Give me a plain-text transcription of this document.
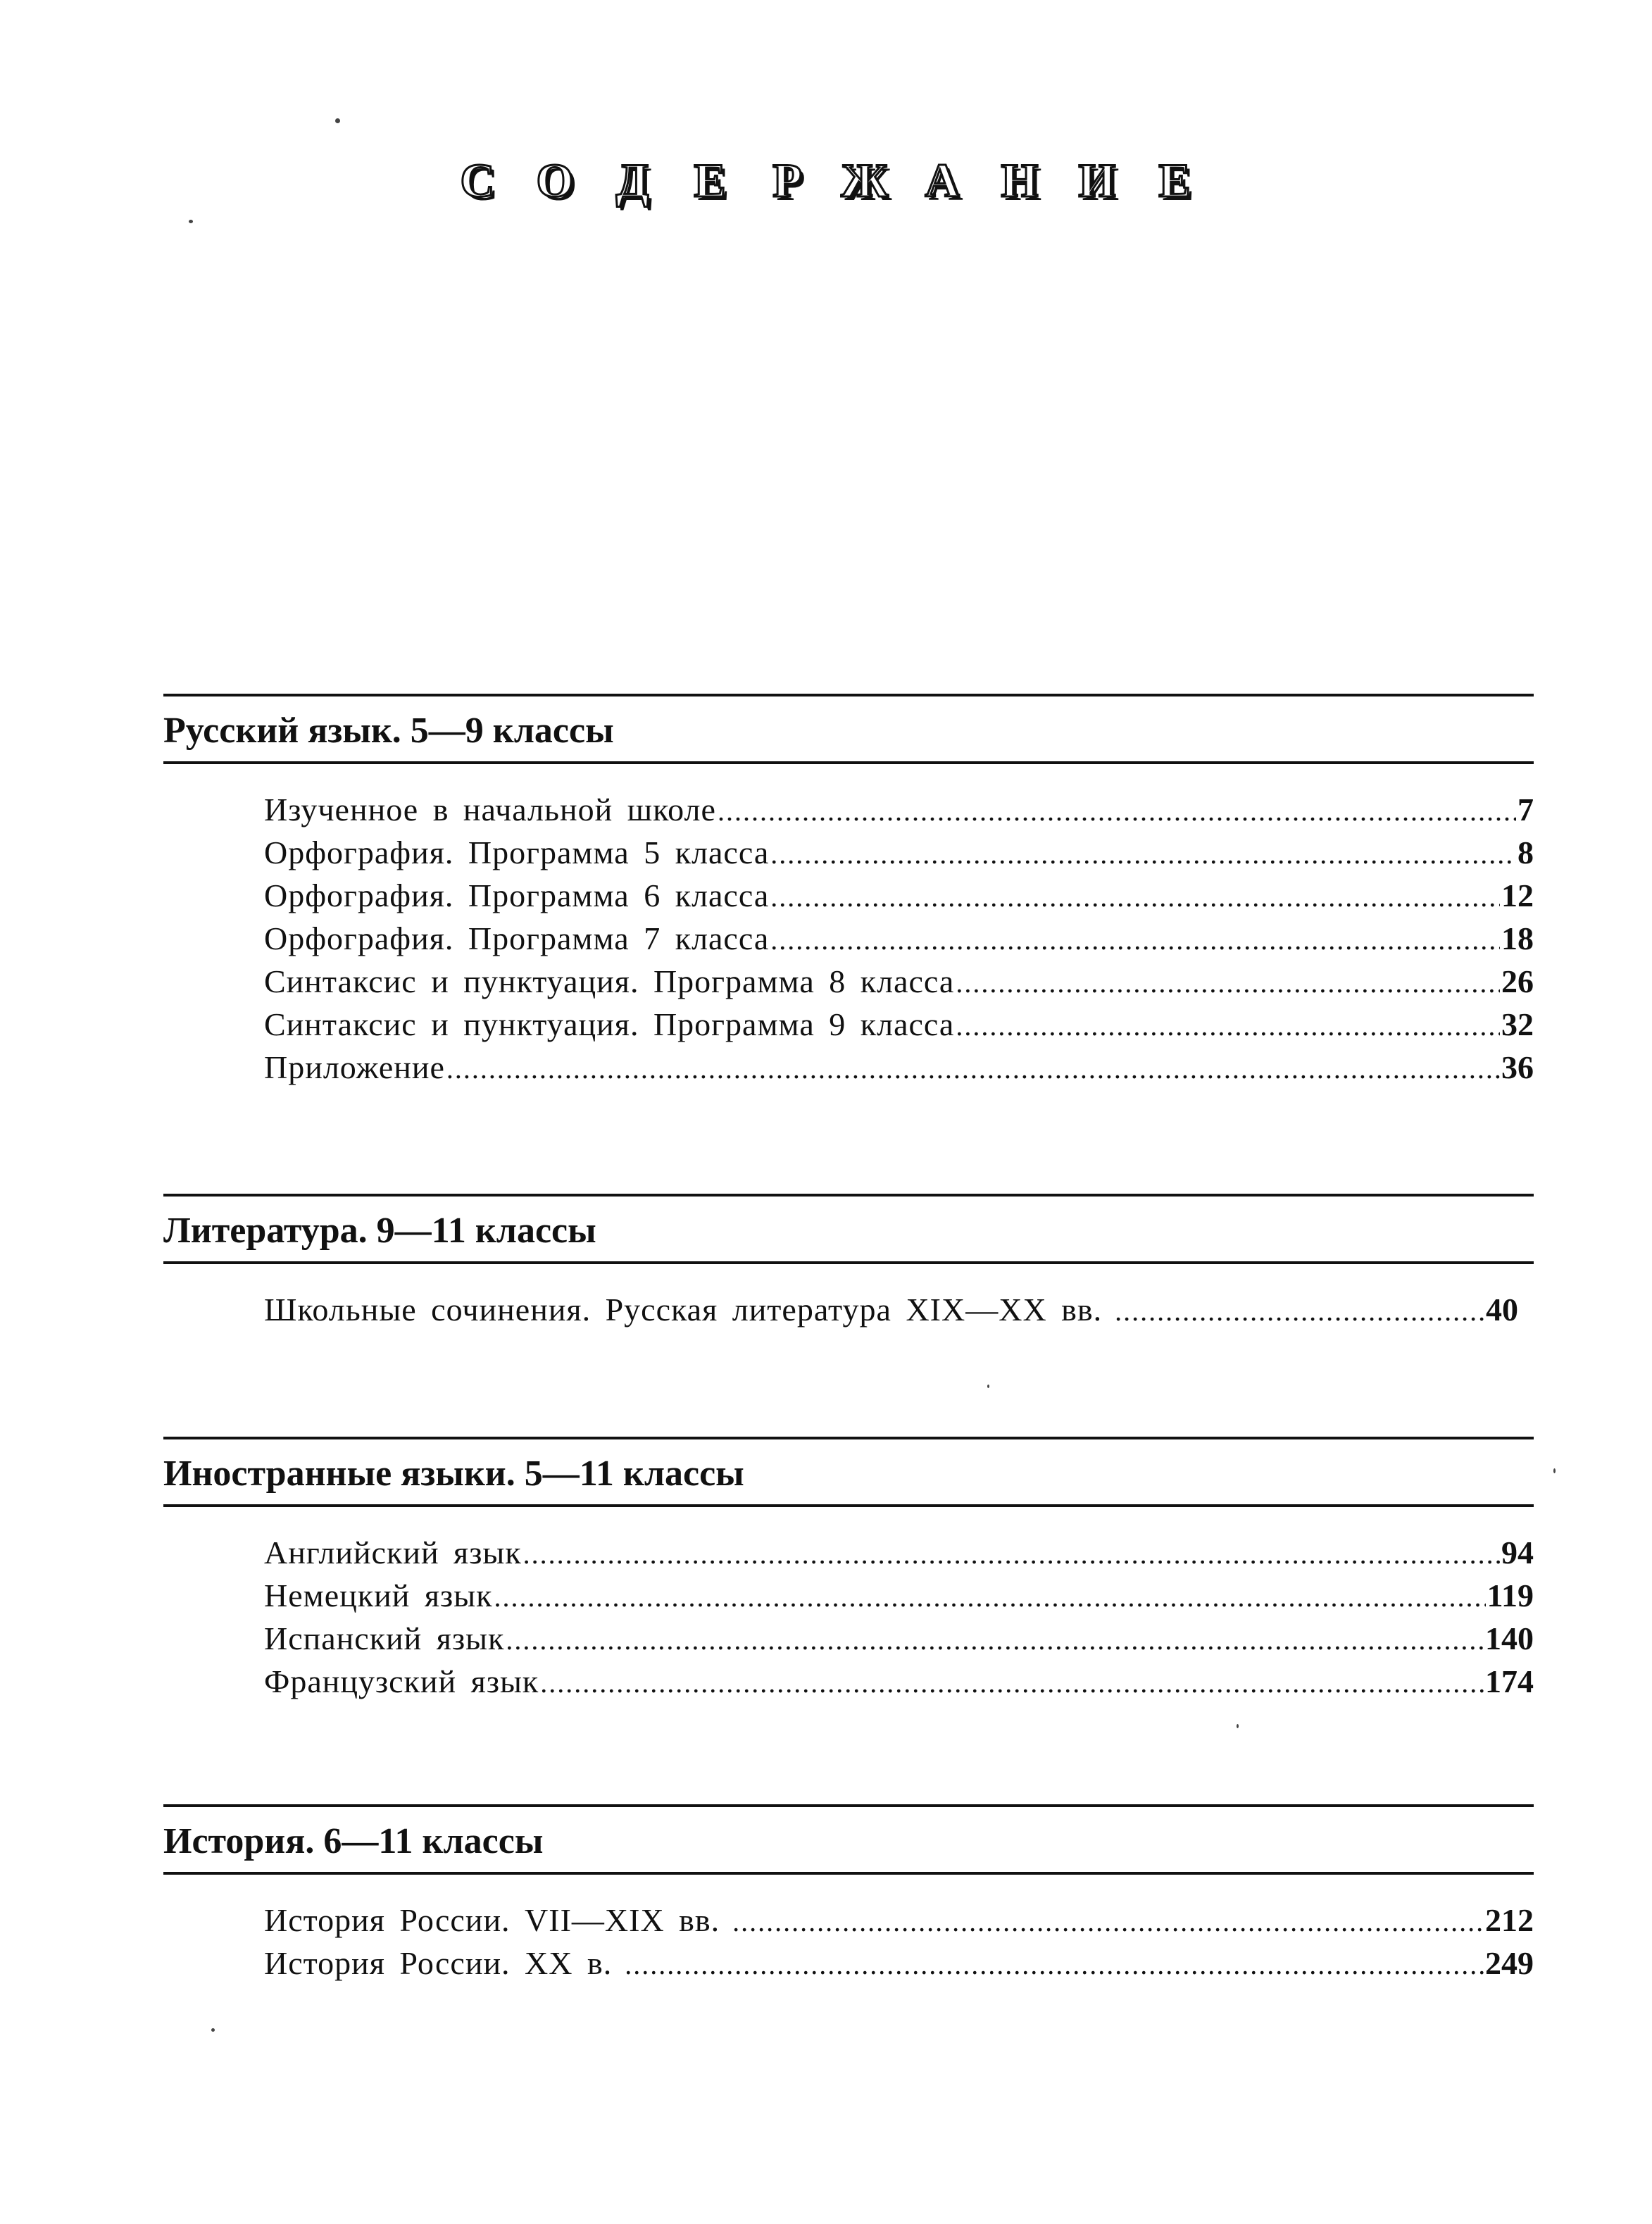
С О Д Е Р Ж А Н И Е
Русский язык. 5—9 классы
Изученное в начальной школе .....	7
Орфография. Программа 5 класса .....	8
Орфография. Программа 6 класса .....	12
Орфография. Программа 7 класса .....	18
Синтаксис и пунктуация. Программа 8 класса .....	26
Синтаксис и пунктуация. Программа 9 класса .....	32
Приложение .....	36
Литература. 9—11 классы
Школьные сочинения. Русская литература XIX—XX вв. .....	40
Иностранные языки. 5—11 классы
Английский язык .....	94
Немецкий язык .....	119
Испанский язык .....	140
Французский язык .....	174
История. 6—11 классы
История России. VII—XIX вв. .....	212
История России. XX в. .....	249
